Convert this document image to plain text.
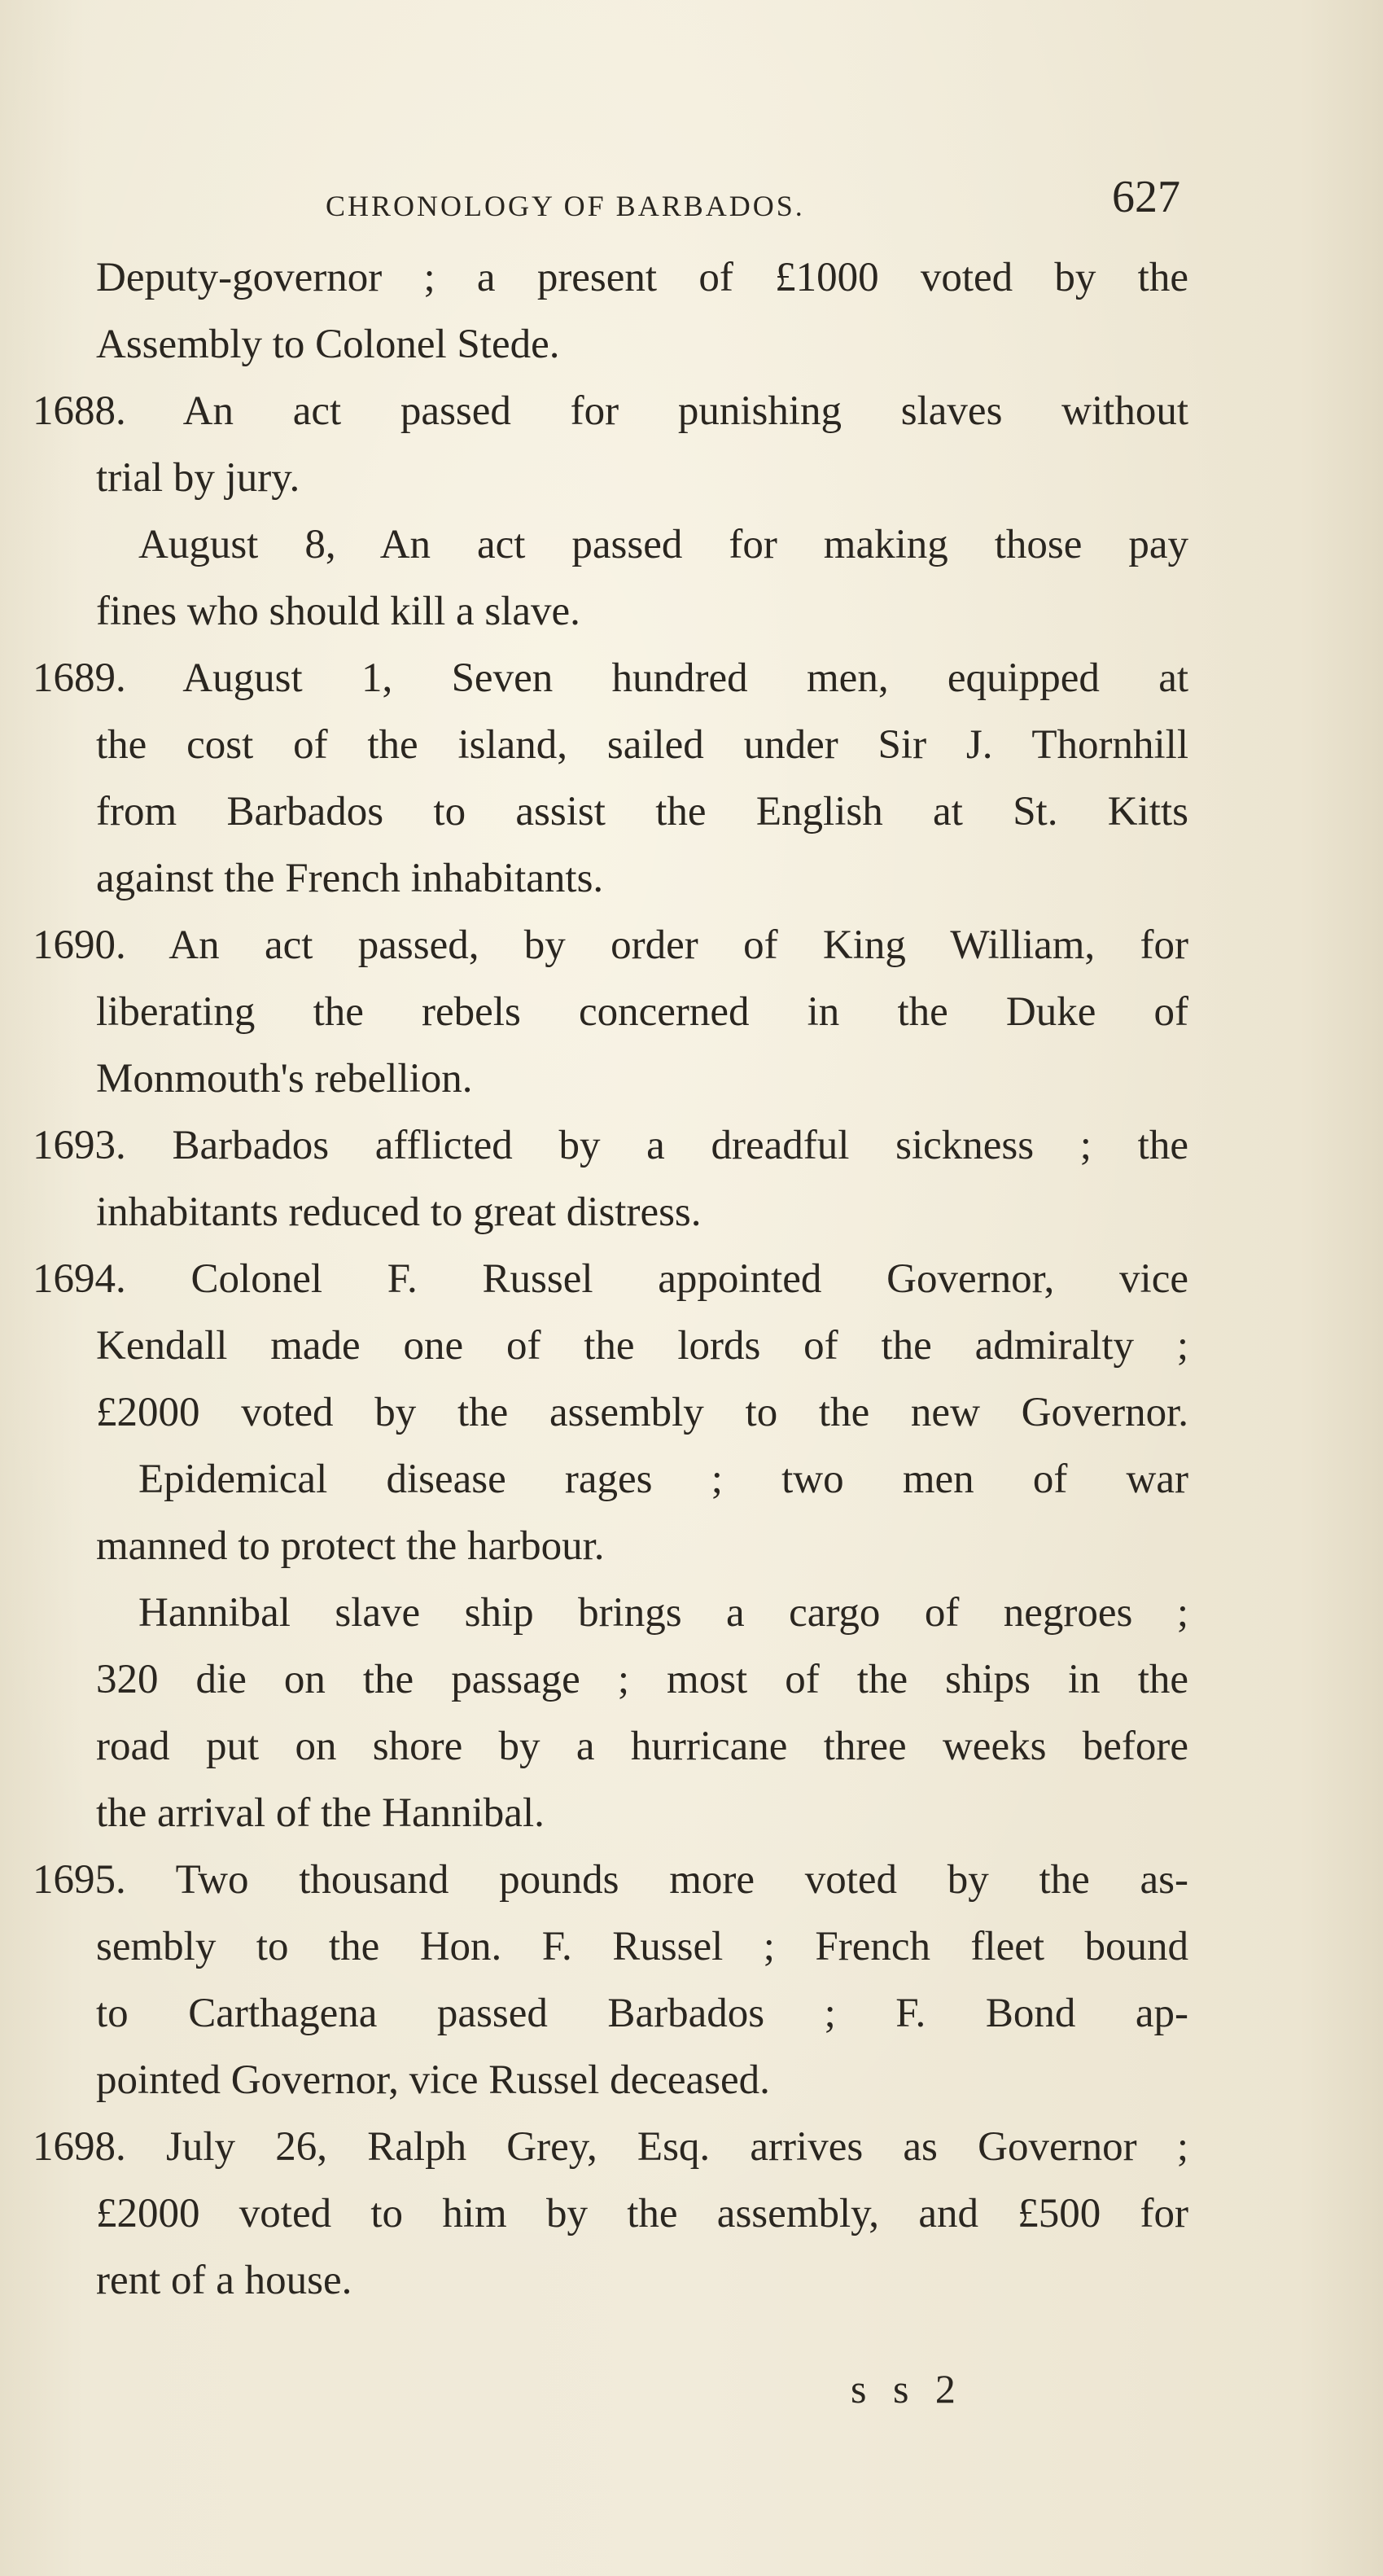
CHRONOLOGY OF BARBADOS.	627
Deputy-governor ; a present of £1000 voted by the
Assembly to Colonel Stede.
1688. An act passed for punishing slaves without
trial by jury.
August 8, An act passed for making those pay
fines who should kill a slave.
1689. August 1, Seven hundred men, equipped at
the cost of the island, sailed under Sir J. Thornhill
from Barbados to assist the English at St. Kitts
against the French inhabitants.
1690. An act passed, by order of King William, for
liberating the rebels concerned in the Duke of
Monmouth's rebellion.
1693. Barbados afflicted by a dreadful sickness ; the
inhabitants reduced to great distress.
1694. Colonel F. Russel appointed Governor, vice
Kendall made one of the lords of the admiralty ;
£2000 voted by the assembly to the new Governor.
Epidemical disease rages ; two men of war
manned to protect the harbour.
Hannibal slave ship brings a cargo of negroes ;
320 die on the passage ; most of the ships in the
road put on shore by a hurricane three weeks before
the arrival of the Hannibal.
1695. Two thousand pounds more voted by the as-
sembly to the Hon. F. Russel ; French fleet bound
to Carthagena passed Barbados ; F. Bond ap-
pointed Governor, vice Russel deceased.
1698. July 26, Ralph Grey, Esq. arrives as Governor ;
£2000 voted to him by the assembly, and £500 for
rent of a house.
s s 2
